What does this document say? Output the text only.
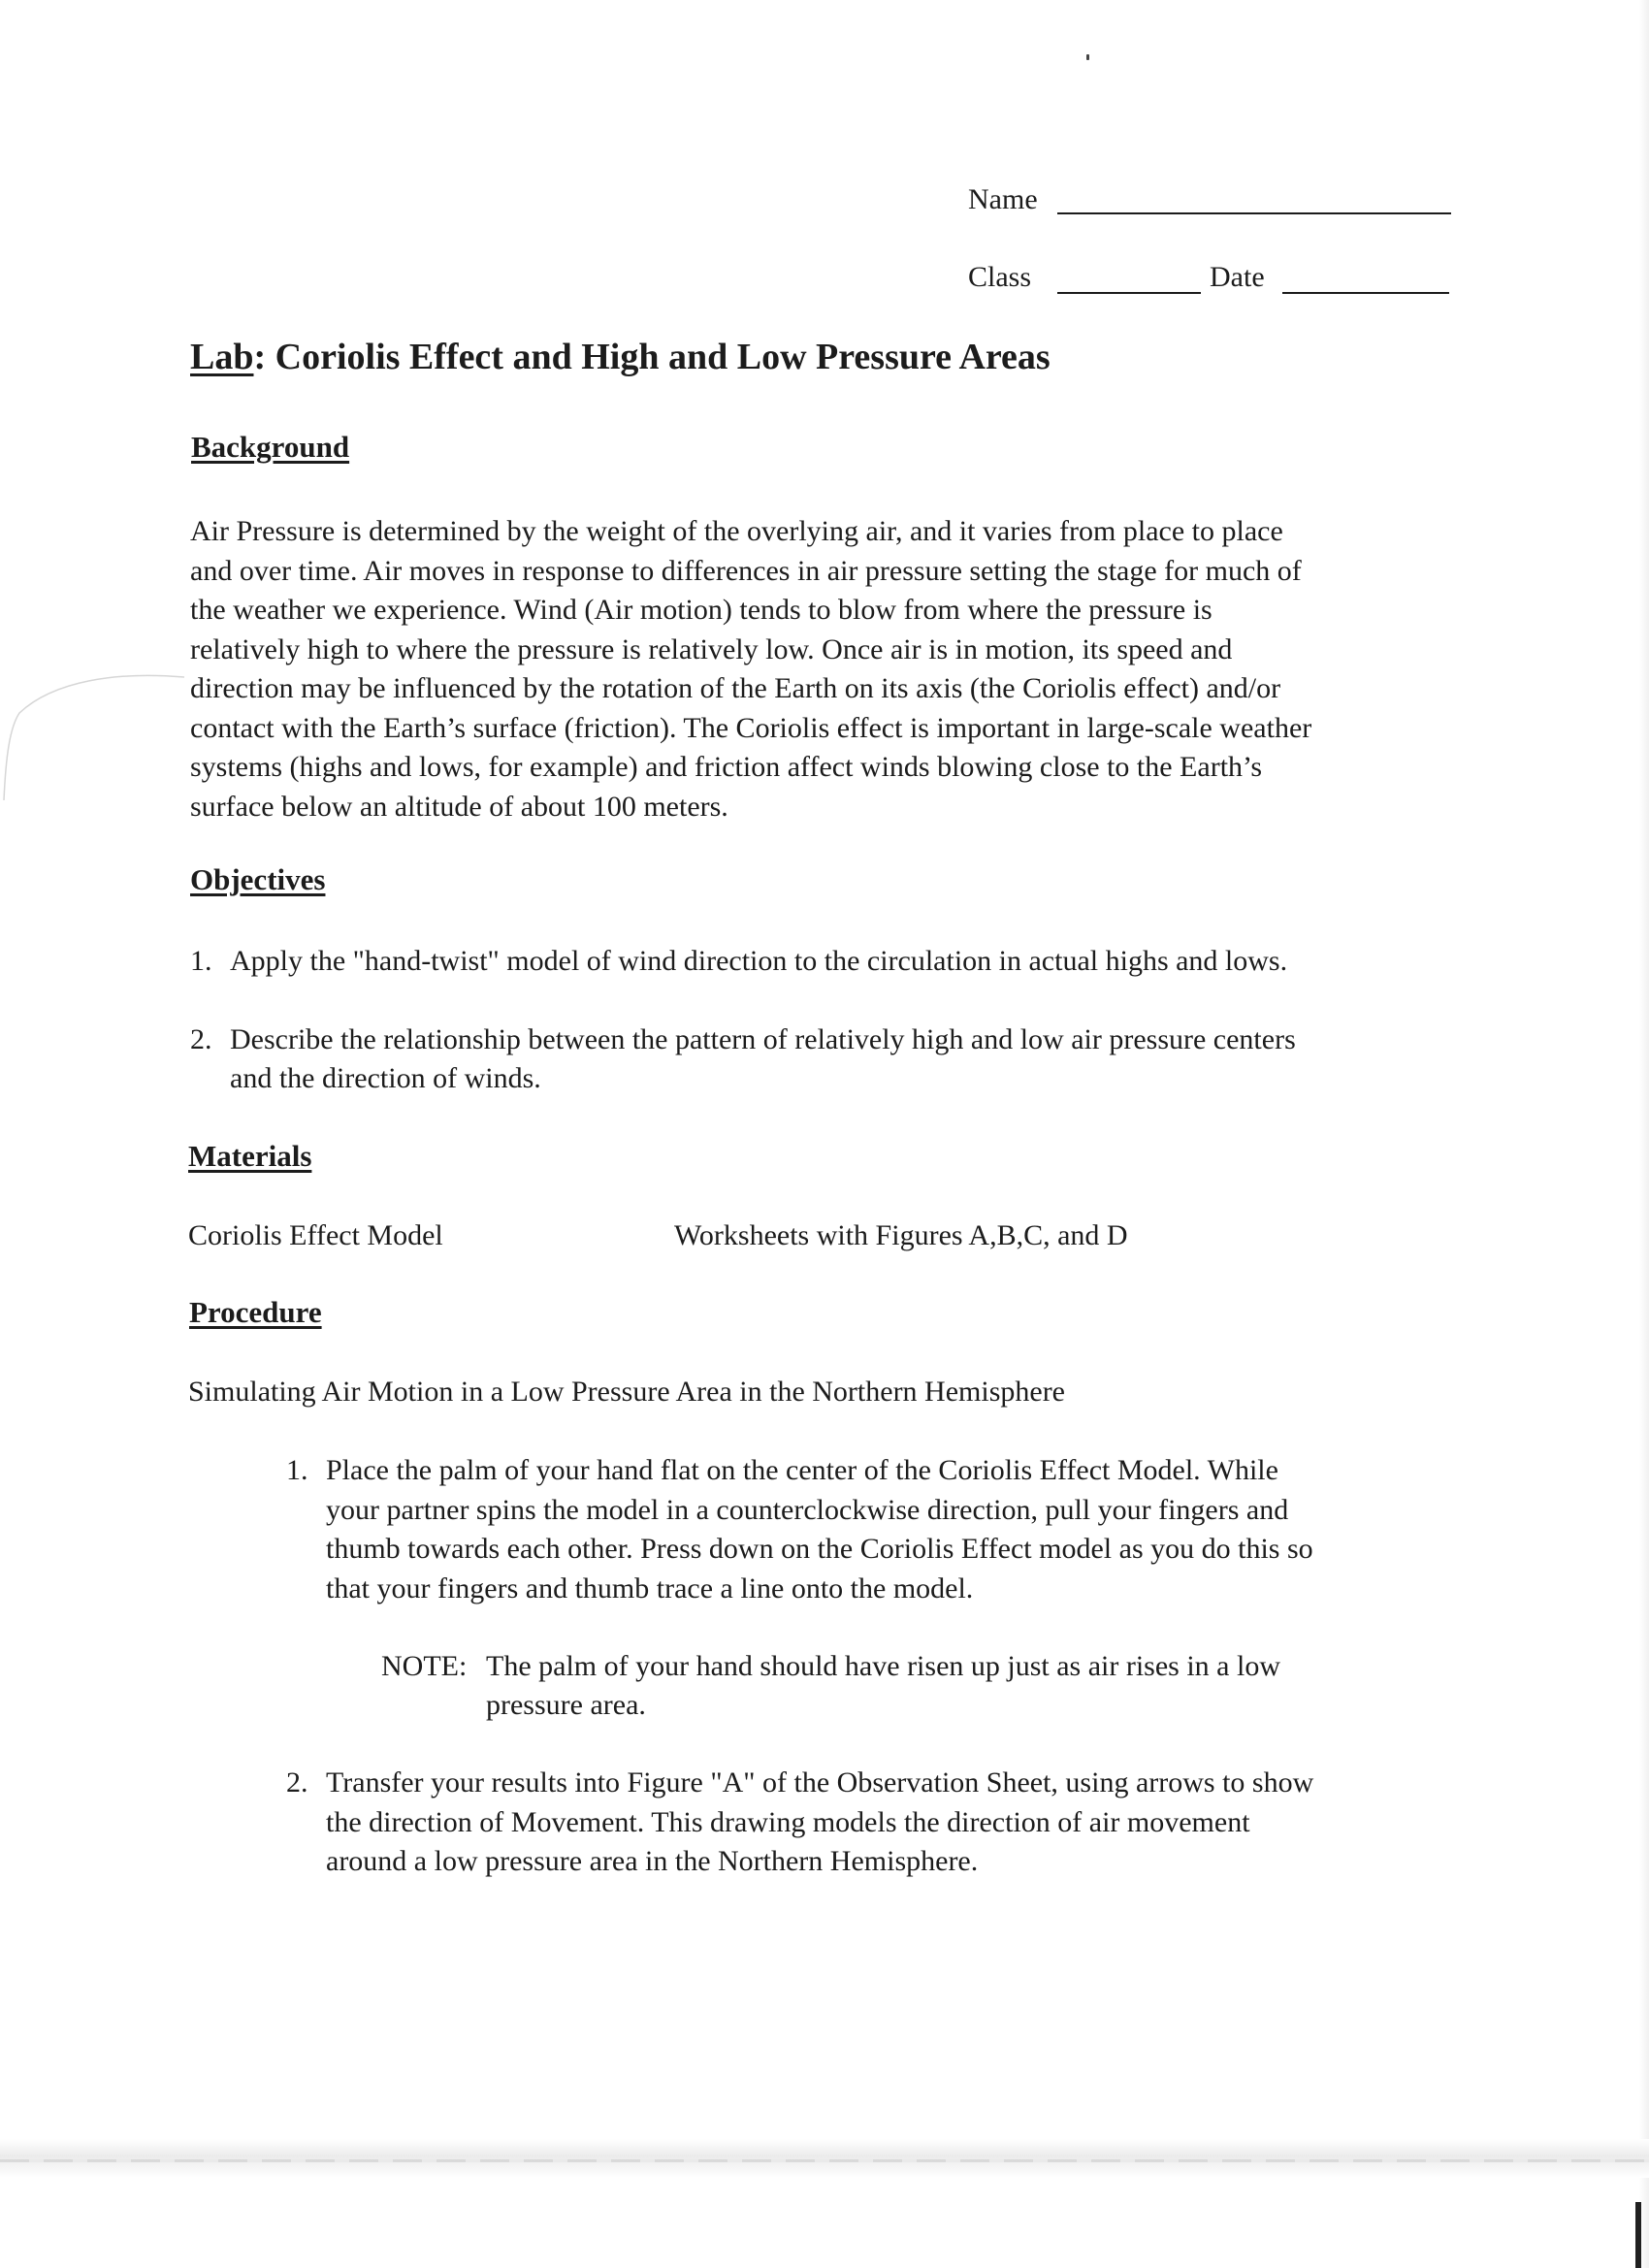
Name
Class	Date
Lab: Coriolis Effect and High and Low Pressure Areas
Background
Air Pressure is determined by the weight of the overlying air, and it varies from place to place
and over time. Air moves in response to differences in air pressure setting the stage for much of
the weather we experience. Wind (Air motion) tends to blow from where the pressure is
relatively high to where the pressure is relatively low. Once air is in motion, its speed and
direction may be influenced by the rotation of the Earth on its axis (the Coriolis effect) and/or
contact with the Earth’s surface (friction). The Coriolis effect is important in large-scale weather
systems (highs and lows, for example) and friction affect winds blowing close to the Earth’s
surface below an altitude of about 100 meters.
Objectives
1. Apply the "hand-twist" model of wind direction to the circulation in actual highs and lows.
2. Describe the relationship between the pattern of relatively high and low air pressure centers
and the direction of winds.
Materials
Coriolis Effect Model	Worksheets with Figures A,B,C, and D
Procedure
Simulating Air Motion in a Low Pressure Area in the Northern Hemisphere
1. Place the palm of your hand flat on the center of the Coriolis Effect Model. While
your partner spins the model in a counterclockwise direction, pull your fingers and
thumb towards each other. Press down on the Coriolis Effect model as you do this so
that your fingers and thumb trace a line onto the model.
NOTE: The palm of your hand should have risen up just as air rises in a low
pressure area.
2. Transfer your results into Figure "A" of the Observation Sheet, using arrows to show
the direction of Movement. This drawing models the direction of air movement
around a low pressure area in the Northern Hemisphere.
